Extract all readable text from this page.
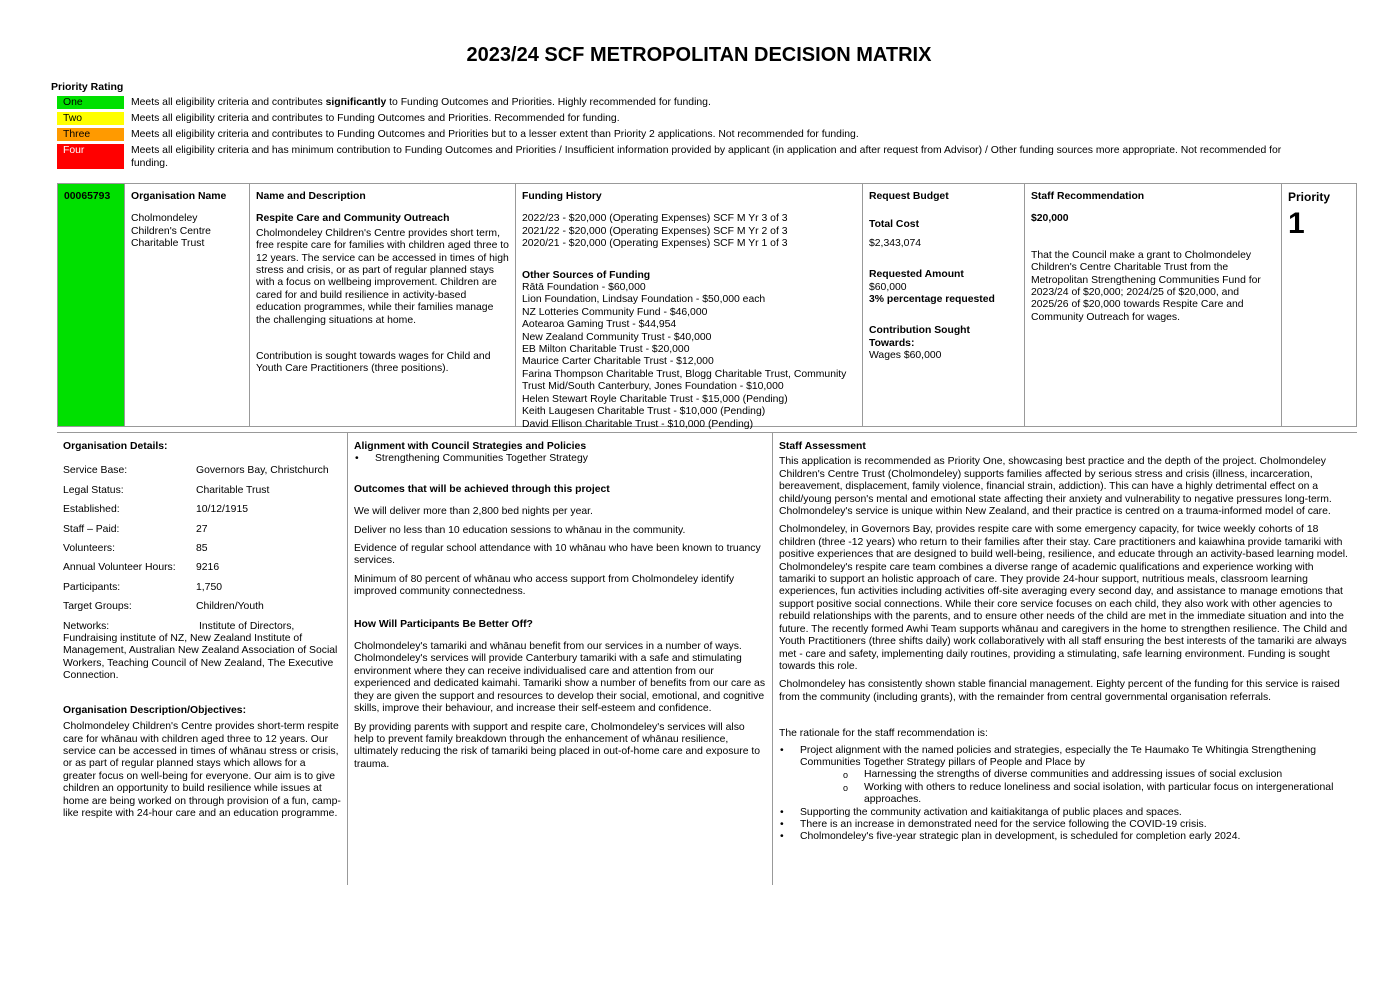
2023/24 SCF METROPOLITAN DECISION MATRIX
Priority Rating
One	Meets all eligibility criteria and contributes significantly to Funding Outcomes and Priorities. Highly recommended for funding.
Two	Meets all eligibility criteria and contributes to Funding Outcomes and Priorities. Recommended for funding.
Three	Meets all eligibility criteria and contributes to Funding Outcomes and Priorities but to a lesser extent than Priority 2 applications. Not recommended for funding.
Four	Meets all eligibility criteria and has minimum contribution to Funding Outcomes and Priorities / Insufficient information provided by applicant (in application and after request from Advisor) / Other funding sources more appropriate. Not recommended for funding.
00065793	Organisation Name
Cholmondeley
Children's Centre
Charitable Trust
Name and Description
Respite Care and Community Outreach
Cholmondeley Children's Centre provides short term, free respite care for families with children aged three to 12 years. The service can be accessed in times of high stress and crisis, or as part of regular planned stays with a focus on wellbeing improvement. Children are cared for and build resilience in activity-based education programmes, while their families manage the challenging situations at home.
Contribution is sought towards wages for Child and Youth Care Practitioners (three positions).
Funding History
2022/23 - $20,000 (Operating Expenses) SCF M Yr 3 of 3
2021/22 - $20,000 (Operating Expenses) SCF M Yr 2 of 3
2020/21 - $20,000 (Operating Expenses) SCF M Yr 1 of 3
Other Sources of Funding
Rātā Foundation - $60,000
Lion Foundation, Lindsay Foundation - $50,000 each
NZ Lotteries Community Fund - $46,000
Aotearoa Gaming Trust - $44,954
New Zealand Community Trust - $40,000
EB Milton Charitable Trust - $20,000
Maurice Carter Charitable Trust - $12,000
Farina Thompson Charitable Trust, Blogg Charitable Trust, Community Trust Mid/South Canterbury, Jones Foundation - $10,000
Helen Stewart Royle Charitable Trust - $15,000 (Pending)
Keith Laugesen Charitable Trust - $10,000 (Pending)
David Ellison Charitable Trust - $10,000 (Pending)
Request Budget
Total Cost
$2,343,074
Requested Amount
$60,000
3% percentage requested
Contribution Sought Towards:
Wages $60,000
Staff Recommendation
$20,000
That the Council make a grant to Cholmondeley Children's Centre Charitable Trust from the Metropolitan Strengthening Communities Fund for 2023/24 of $20,000; 2024/25 of $20,000, and 2025/26 of $20,000 towards Respite Care and Community Outreach for wages.
Priority
1
Organisation Details:
Service Base:	Governors Bay, Christchurch
Legal Status:	Charitable Trust
Established:	10/12/1915
Staff – Paid:	27
Volunteers:	85
Annual Volunteer Hours:	9216
Participants:	1,750
Target Groups:	Children/Youth
Networks:	Institute of Directors, Fundraising institute of NZ, New Zealand Institute of Management, Australian New Zealand Association of Social Workers, Teaching Council of New Zealand, The Executive Connection.
Organisation Description/Objectives:
Cholmondeley Children's Centre provides short-term respite care for whānau with children aged three to 12 years. Our service can be accessed in times of whānau stress or crisis, or as part of regular planned stays which allows for a greater focus on well-being for everyone. Our aim is to give children an opportunity to build resilience while issues at home are being worked on through provision of a fun, camp-like respite with 24-hour care and an education programme.
Alignment with Council Strategies and Policies
• Strengthening Communities Together Strategy
Outcomes that will be achieved through this project
We will deliver more than 2,800 bed nights per year.
Deliver no less than 10 education sessions to whānau in the community.
Evidence of regular school attendance with 10 whānau who have been known to truancy services.
Minimum of 80 percent of whānau who access support from Cholmondeley identify improved community connectedness.
How Will Participants Be Better Off?
Cholmondeley's tamariki and whānau benefit from our services in a number of ways. Cholmondeley's services will provide Canterbury tamariki with a safe and stimulating environment where they can receive individualised care and attention from our experienced and dedicated kaimahi. Tamariki show a number of benefits from our care as they are given the support and resources to develop their social, emotional, and cognitive skills, improve their behaviour, and increase their self-esteem and confidence.
By providing parents with support and respite care, Cholmondeley's services will also help to prevent family breakdown through the enhancement of whānau resilience, ultimately reducing the risk of tamariki being placed in out-of-home care and exposure to trauma.
Staff Assessment
This application is recommended as Priority One, showcasing best practice and the depth of the project. Cholmondeley Children's Centre Trust (Cholmondeley) supports families affected by serious stress and crisis (illness, incarceration, bereavement, displacement, family violence, financial strain, addiction). This can have a highly detrimental effect on a child/young person's mental and emotional state affecting their anxiety and vulnerability to negative pressures long-term. Cholmondeley's service is unique within New Zealand, and their practice is centred on a trauma-informed model of care.
Cholmondeley, in Governors Bay, provides respite care with some emergency capacity, for twice weekly cohorts of 18 children (three -12 years) who return to their families after their stay. Care practitioners and kaiawhina provide tamariki with positive experiences that are designed to build well-being, resilience, and educate through an activity-based learning model. Cholmondeley's respite care team combines a diverse range of academic qualifications and experience working with tamariki to support an holistic approach of care. They provide 24-hour support, nutritious meals, classroom learning experiences, fun activities including activities off-site averaging every second day, and assistance to manage emotions that support positive social connections. While their core service focuses on each child, they also work with other agencies to rebuild relationships with the parents, and to ensure other needs of the child are met in the immediate situation and into the future. The recently formed Awhi Team supports whānau and caregivers in the home to strengthen resilience. The Child and Youth Practitioners (three shifts daily) work collaboratively with all staff ensuring the best interests of the tamariki are always met - care and safety, implementing daily routines, providing a stimulating, safe learning environment. Funding is sought towards this role.
Cholmondeley has consistently shown stable financial management. Eighty percent of the funding for this service is raised from the community (including grants), with the remainder from central governmental organisation referrals.
The rationale for the staff recommendation is:
• Project alignment with the named policies and strategies, especially the Te Haumako Te Whitingia Strengthening Communities Together Strategy pillars of People and Place by
o Harnessing the strengths of diverse communities and addressing issues of social exclusion
o Working with others to reduce loneliness and social isolation, with particular focus on intergenerational approaches.
• Supporting the community activation and kaitiakitanga of public places and spaces.
• There is an increase in demonstrated need for the service following the COVID-19 crisis.
• Cholmondeley's five-year strategic plan in development, is scheduled for completion early 2024.
